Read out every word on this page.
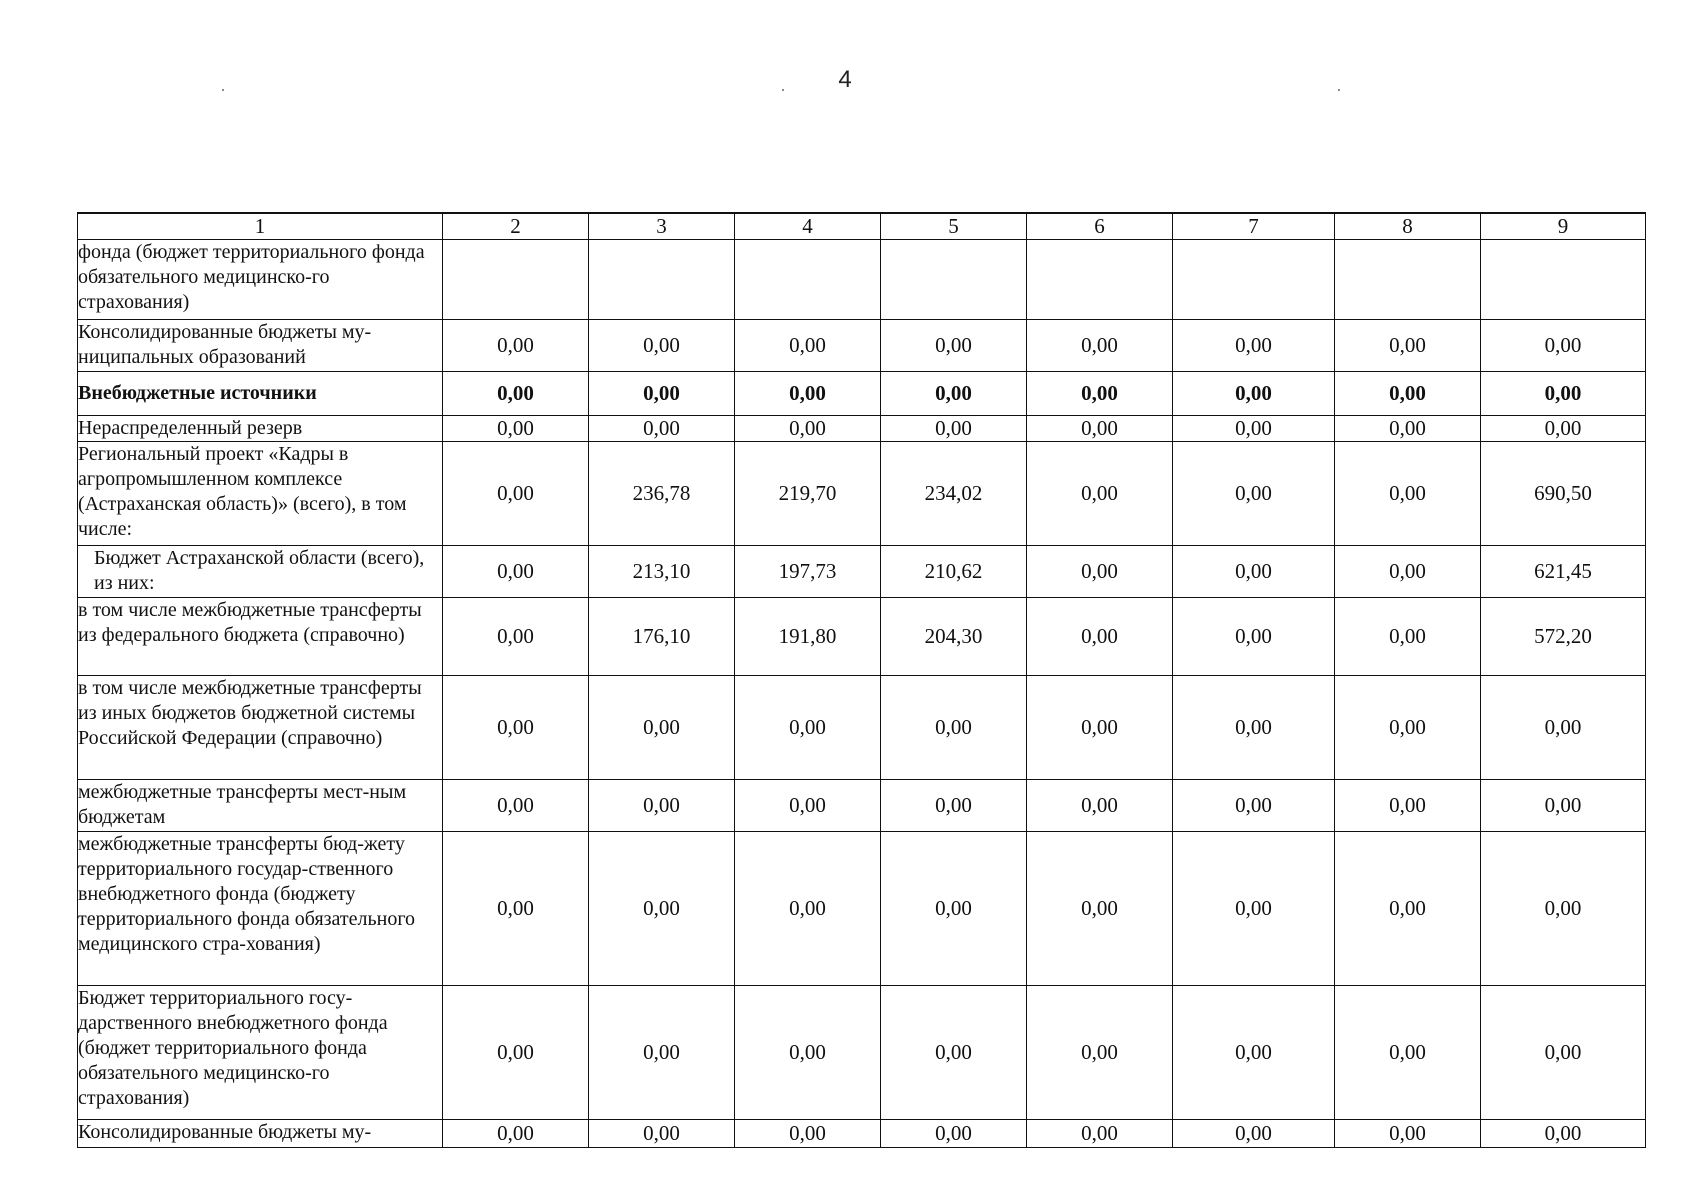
4
1	2	3	4	5	6	7	8	9
фонда (бюджет территориального фонда обязательного медицинско-го страхования)								
Консолидированные бюджеты му-ниципальных образований	0,00	0,00	0,00	0,00	0,00	0,00	0,00	0,00
Внебюджетные источники	0,00	0,00	0,00	0,00	0,00	0,00	0,00	0,00
Нераспределенный резерв	0,00	0,00	0,00	0,00	0,00	0,00	0,00	0,00
Региональный проект «Кадры в агропромышленном комплексе (Астраханская область)» (всего), в том числе:	0,00	236,78	219,70	234,02	0,00	0,00	0,00	690,50
Бюджет Астраханской области (всего), из них:	0,00	213,10	197,73	210,62	0,00	0,00	0,00	621,45
в том числе межбюджетные трансферты из федерального бюджета (справочно)	0,00	176,10	191,80	204,30	0,00	0,00	0,00	572,20
в том числе межбюджетные трансферты из иных бюджетов бюджетной системы Российской Федерации (справочно)	0,00	0,00	0,00	0,00	0,00	0,00	0,00	0,00
межбюджетные трансферты мест-ным бюджетам	0,00	0,00	0,00	0,00	0,00	0,00	0,00	0,00
межбюджетные трансферты бюд-жету территориального государ-ственного внебюджетного фонда (бюджету территориального фонда обязательного медицинского стра-хования)	0,00	0,00	0,00	0,00	0,00	0,00	0,00	0,00
Бюджет территориального госу-дарственного внебюджетного фонда (бюджет территориального фонда обязательного медицинско-го страхования)	0,00	0,00	0,00	0,00	0,00	0,00	0,00	0,00
Консолидированные бюджеты му-	0,00	0,00	0,00	0,00	0,00	0,00	0,00	0,00
